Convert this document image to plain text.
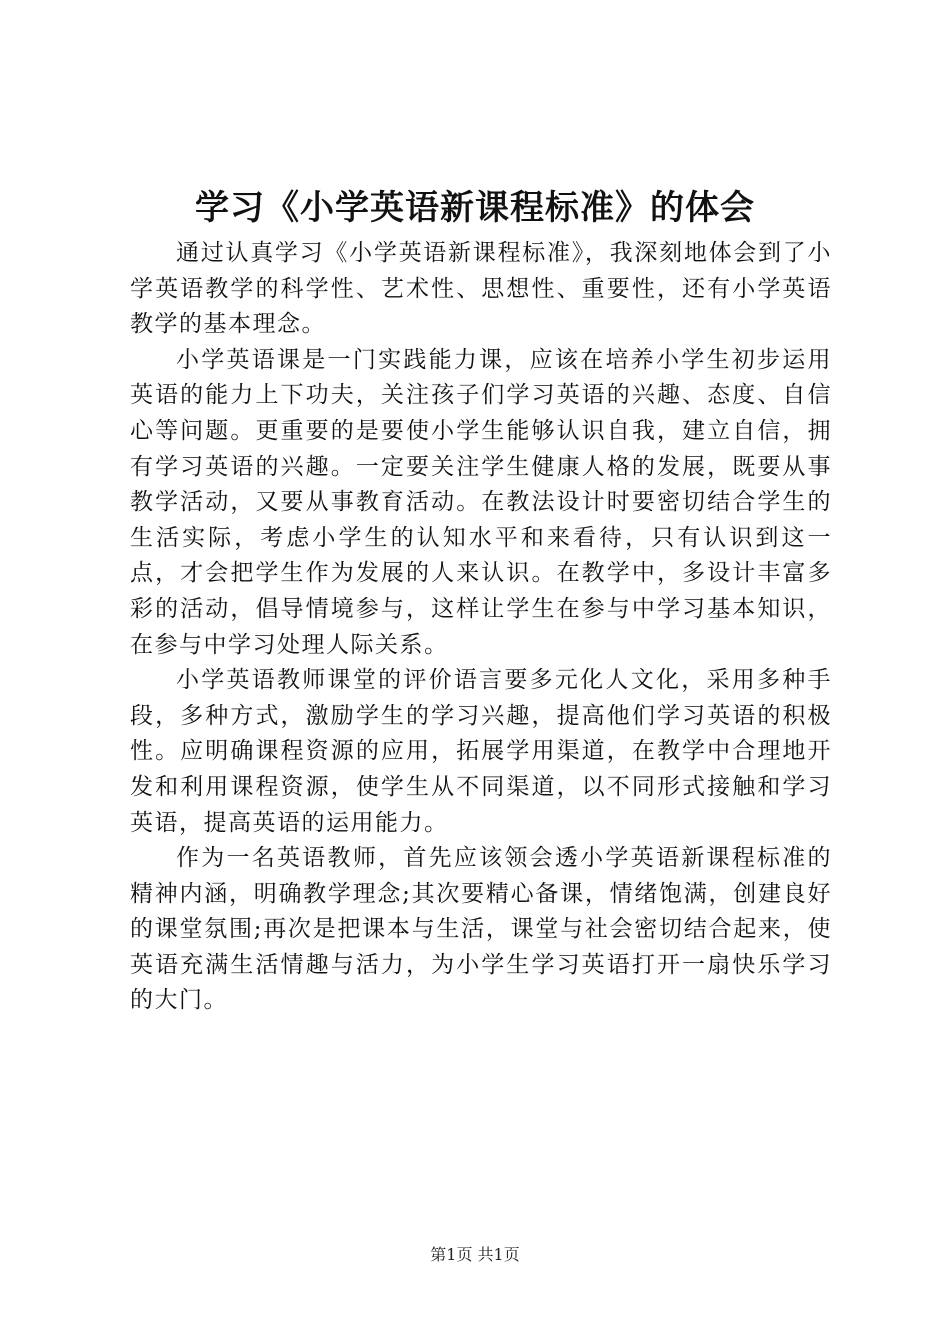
学习《小学英语新课程标准》的体会

通过认真学习《小学英语新课程标准》，我深刻地体会到了小学英语教学的科学性、艺术性、思想性、重要性，还有小学英语教学的基本理念。

小学英语课是一门实践能力课，应该在培养小学生初步运用英语的能力上下功夫，关注孩子们学习英语的兴趣、态度、自信心等问题。更重要的是要使小学生能够认识自我，建立自信，拥有学习英语的兴趣。一定要关注学生健康人格的发展，既要从事教学活动，又要从事教育活动。在教法设计时要密切结合学生的生活实际，考虑小学生的认知水平和来看待，只有认识到这一点，才会把学生作为发展的人来认识。在教学中，多设计丰富多彩的活动，倡导情境参与，这样让学生在参与中学习基本知识，在参与中学习处理人际关系。

小学英语教师课堂的评价语言要多元化人文化，采用多种手段，多种方式，激励学生的学习兴趣，提高他们学习英语的积极性。应明确课程资源的应用，拓展学用渠道，在教学中合理地开发和利用课程资源，使学生从不同渠道，以不同形式接触和学习英语，提高英语的运用能力。

作为一名英语教师，首先应该领会透小学英语新课程标准的精神内涵，明确教学理念;其次要精心备课，情绪饱满，创建良好的课堂氛围;再次是把课本与生活，课堂与社会密切结合起来，使英语充满生活情趣与活力，为小学生学习英语打开一扇快乐学习的大门。

第1页 共1页
